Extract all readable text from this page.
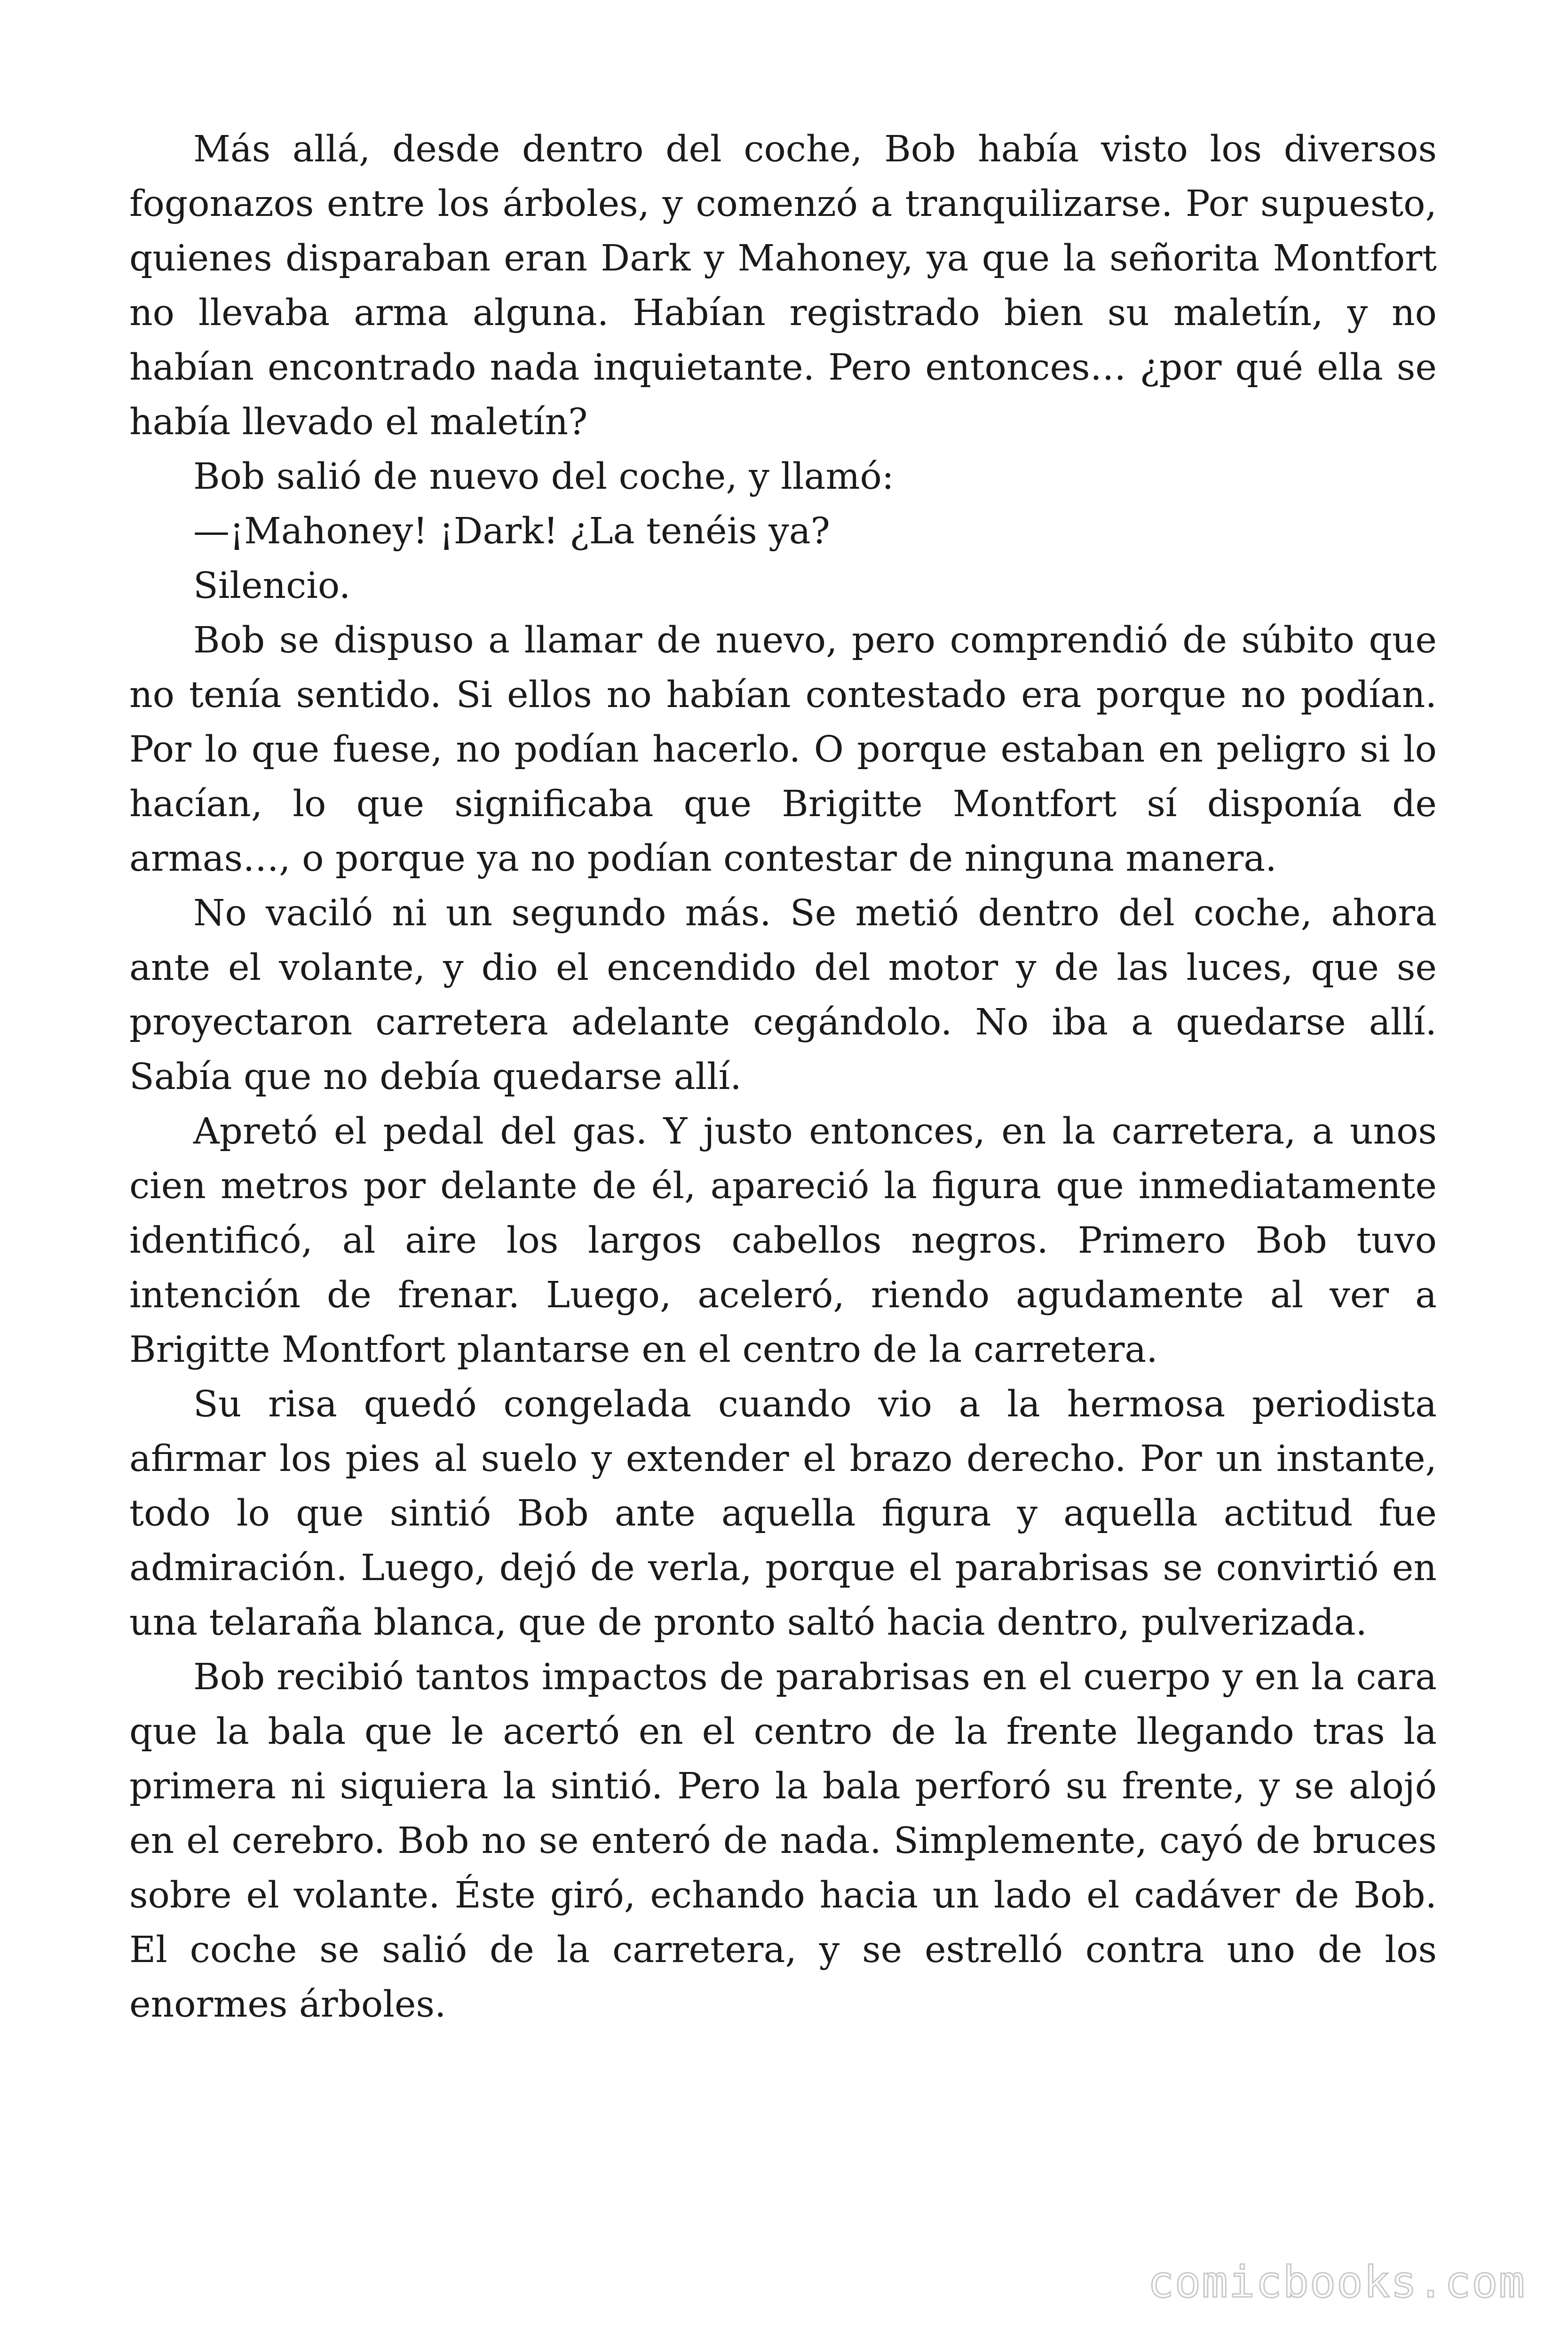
Más allá, desde dentro del coche, Bob había visto los diversos fogonazos entre los árboles, y comenzó a tranquilizarse. Por supuesto, quienes disparaban eran Dark y Mahoney, ya que la señorita Montfort no llevaba arma alguna. Habían registrado bien su maletín, y no habían encontrado nada inquietante. Pero entonces… ¿por qué ella se había llevado el maletín?

Bob salió de nuevo del coche, y llamó:

—¡Mahoney! ¡Dark! ¿La tenéis ya?

Silencio.

Bob se dispuso a llamar de nuevo, pero comprendió de súbito que no tenía sentido. Si ellos no habían contestado era porque no podían. Por lo que fuese, no podían hacerlo. O porque estaban en peligro si lo hacían, lo que significaba que Brigitte Montfort sí disponía de armas…, o porque ya no podían contestar de ninguna manera.

No vaciló ni un segundo más. Se metió dentro del coche, ahora ante el volante, y dio el encendido del motor y de las luces, que se proyectaron carretera adelante cegándolo. No iba a quedarse allí. Sabía que no debía quedarse allí.

Apretó el pedal del gas. Y justo entonces, en la carretera, a unos cien metros por delante de él, apareció la figura que inmediatamente identificó, al aire los largos cabellos negros. Primero Bob tuvo intención de frenar. Luego, aceleró, riendo agudamente al ver a Brigitte Montfort plantarse en el centro de la carretera.

Su risa quedó congelada cuando vio a la hermosa periodista afirmar los pies al suelo y extender el brazo derecho. Por un instante, todo lo que sintió Bob ante aquella figura y aquella actitud fue admiración. Luego, dejó de verla, porque el parabrisas se convirtió en una telaraña blanca, que de pronto saltó hacia dentro, pulverizada.

Bob recibió tantos impactos de parabrisas en el cuerpo y en la cara que la bala que le acertó en el centro de la frente llegando tras la primera ni siquiera la sintió. Pero la bala perforó su frente, y se alojó en el cerebro. Bob no se enteró de nada. Simplemente, cayó de bruces sobre el volante. Éste giró, echando hacia un lado el cadáver de Bob. El coche se salió de la carretera, y se estrelló contra uno de los enormes árboles.

comicbooks.com
